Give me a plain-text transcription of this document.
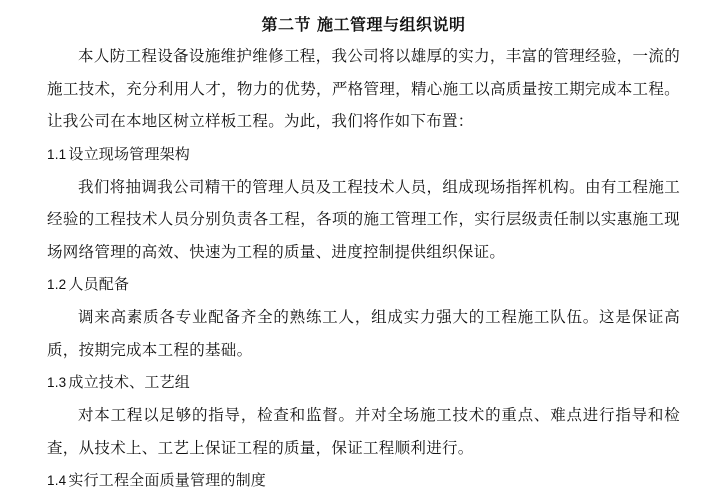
第二节 施工管理与组织说明

本人防工程设备设施维护维修工程，我公司将以雄厚的实力，丰富的管理经验，一流的施工技术，充分利用人才，物力的优势，严格管理，精心施工以高质量按工期完成本工程。让我公司在本地区树立样板工程。为此，我们将作如下布置：

1.1 设立现场管理架构

我们将抽调我公司精干的管理人员及工程技术人员，组成现场指挥机构。由有工程施工经验的工程技术人员分别负责各工程，各项的施工管理工作，实行层级责任制以实惠施工现场网络管理的高效、快速为工程的质量、进度控制提供组织保证。

1.2 人员配备

调来高素质各专业配备齐全的熟练工人，组成实力强大的工程施工队伍。这是保证高质，按期完成本工程的基础。

1.3 成立技术、工艺组

对本工程以足够的指导，检查和监督。并对全场施工技术的重点、难点进行指导和检查，从技术上、工艺上保证工程的质量，保证工程顺利进行。

1.4 实行工程全面质量管理的制度
